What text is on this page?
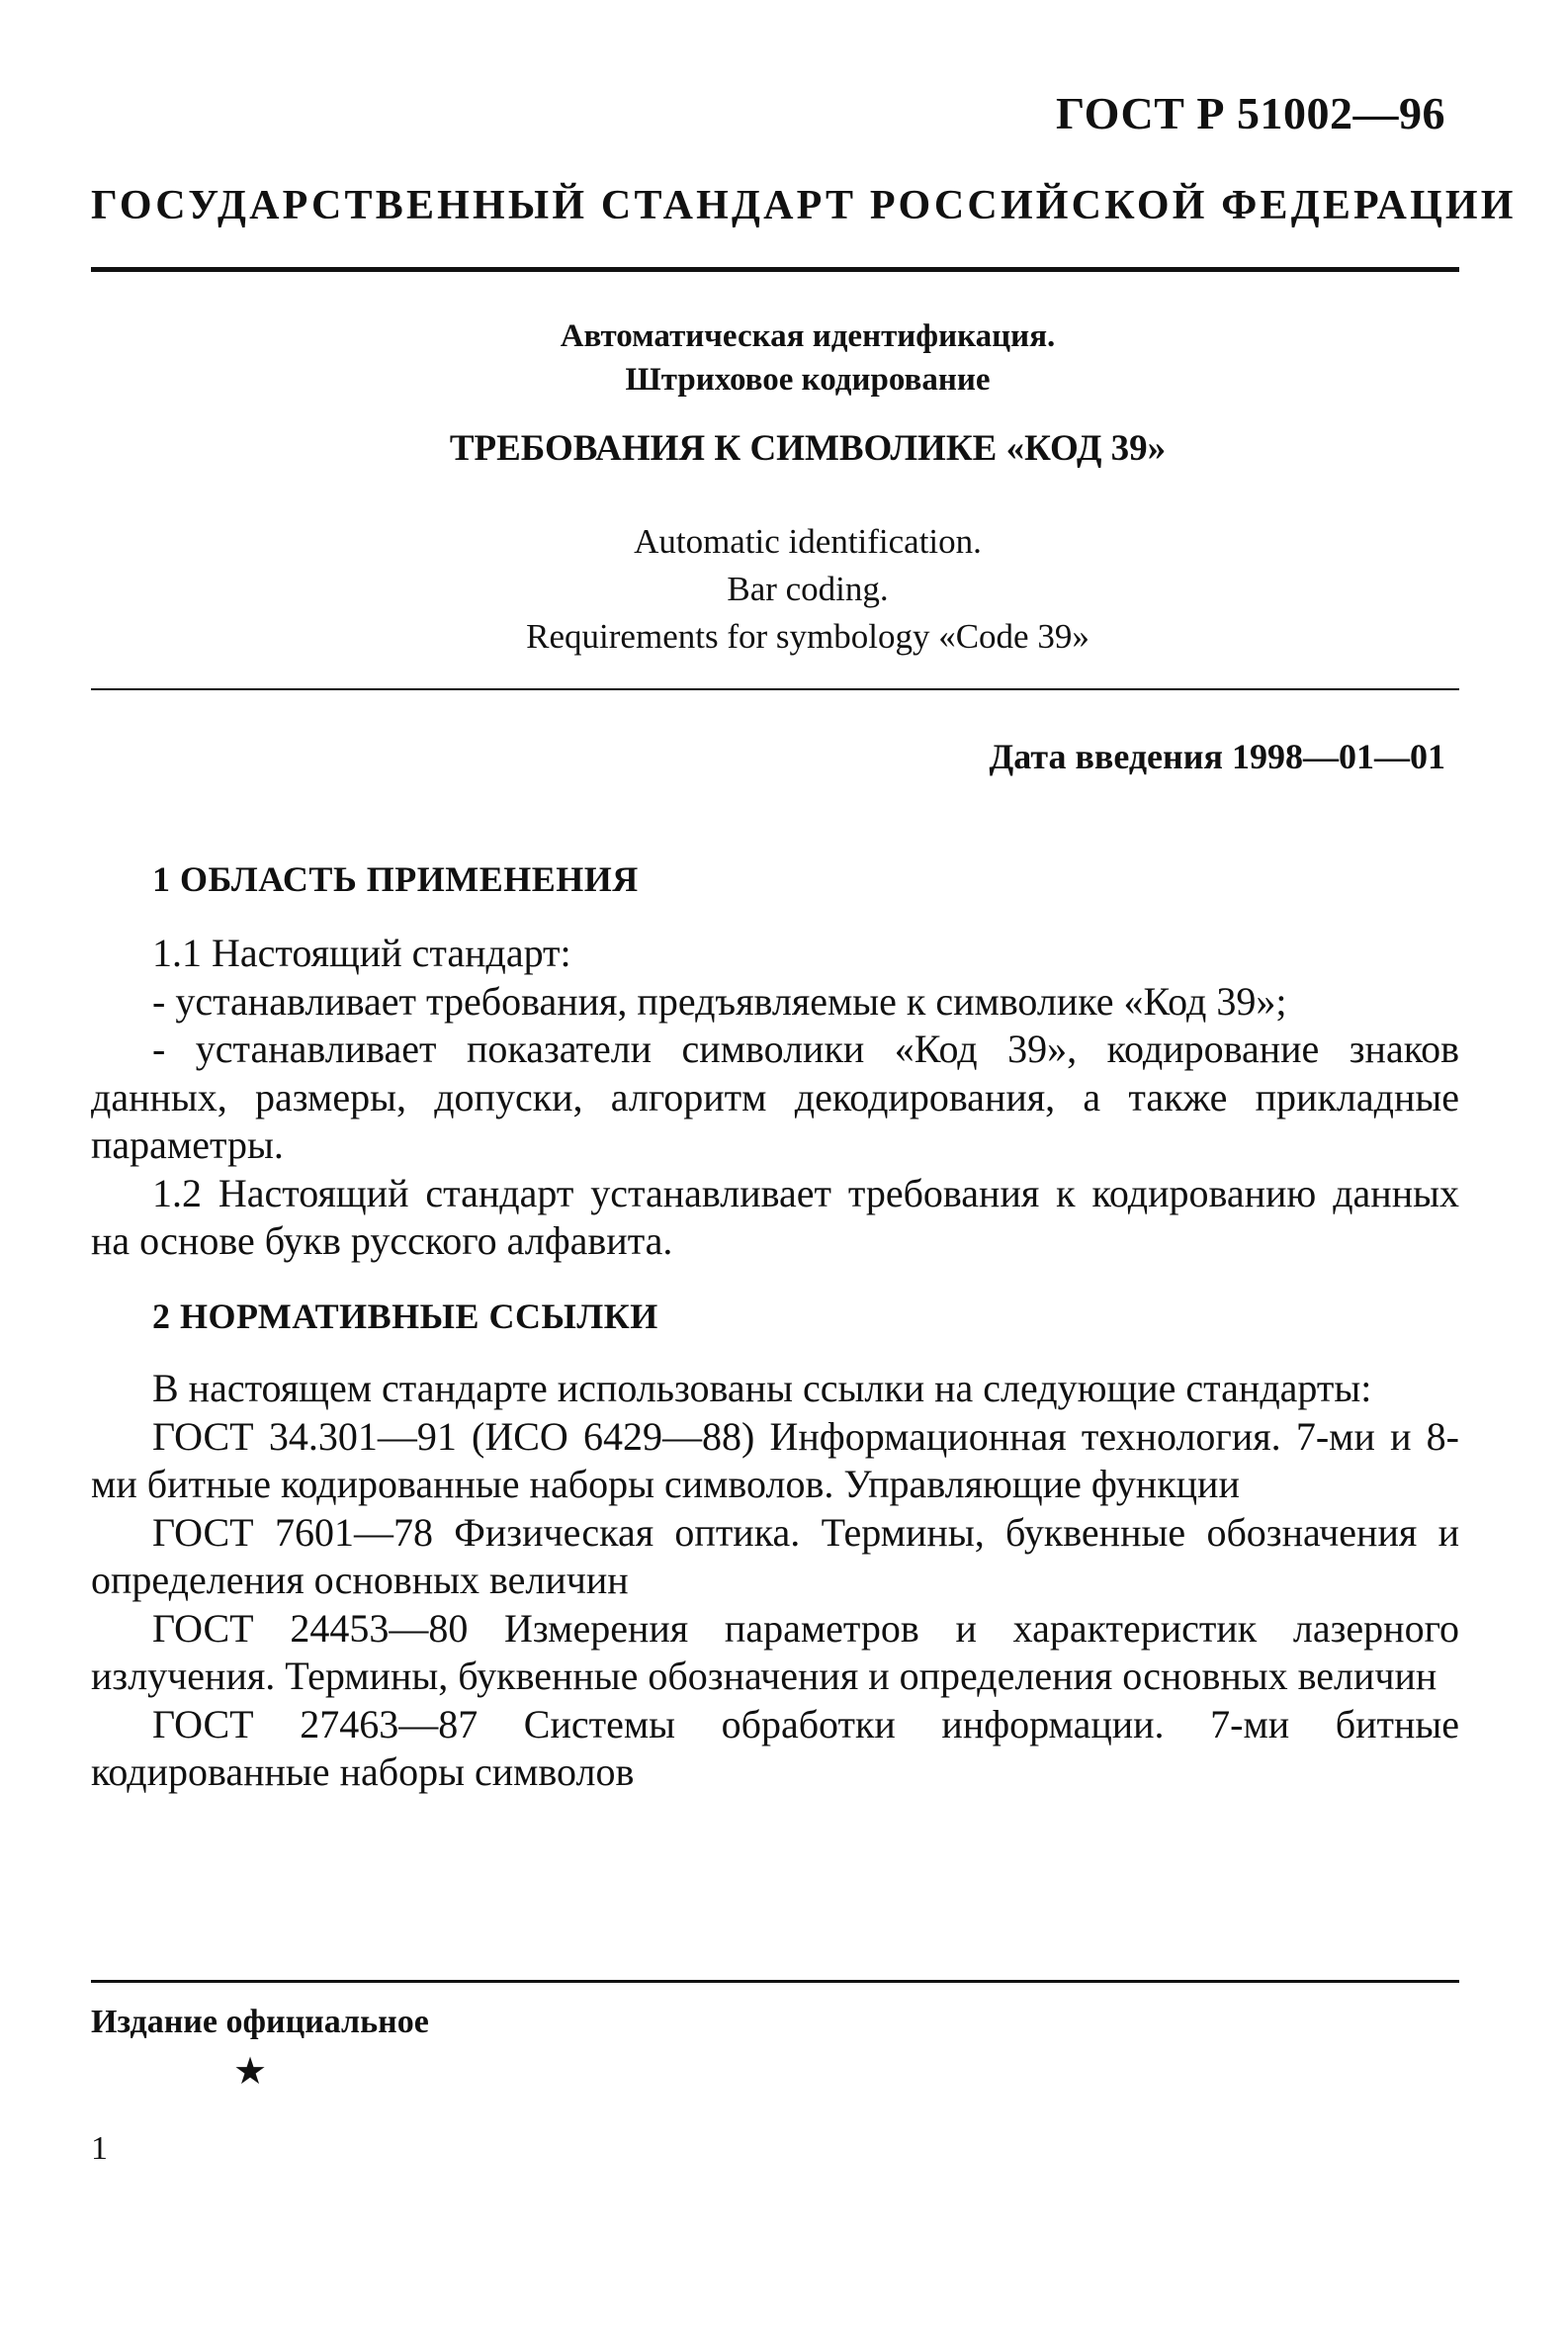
ГОСТ Р 51002—96
ГОСУДАРСТВЕННЫЙ СТАНДАРТ РОССИЙСКОЙ ФЕДЕРАЦИИ
Автоматическая идентификация.
Штриховое кодирование
ТРЕБОВАНИЯ К СИМВОЛИКЕ «КОД 39»
Automatic identification.
Bar coding.
Requirements for symbology «Code 39»
Дата введения 1998—01—01
1 ОБЛАСТЬ ПРИМЕНЕНИЯ

1.1 Настоящий стандарт:

- устанавливает требования, предъявляемые к символике «Код 39»;

- устанавливает показатели символики «Код 39», кодирование знаков данных, размеры, допуски, алгоритм декодирования, а также прикладные параметры.

1.2 Настоящий стандарт устанавливает требования к кодированию данных на основе букв русского алфавита.

2 НОРМАТИВНЫЕ ССЫЛКИ

В настоящем стандарте использованы ссылки на следующие стандарты:

ГОСТ 34.301—91 (ИСО 6429—88) Информационная технология. 7-ми и 8-ми битные кодированные наборы символов. Управляющие функции

ГОСТ 7601—78 Физическая оптика. Термины, буквенные обозначения и определения основных величин

ГОСТ 24453—80 Измерения параметров и характеристик лазерного излучения. Термины, буквенные обозначения и определения основных величин

ГОСТ 27463—87 Системы обработки информации. 7-ми битные кодированные наборы символов

Издание официальное
★
1
